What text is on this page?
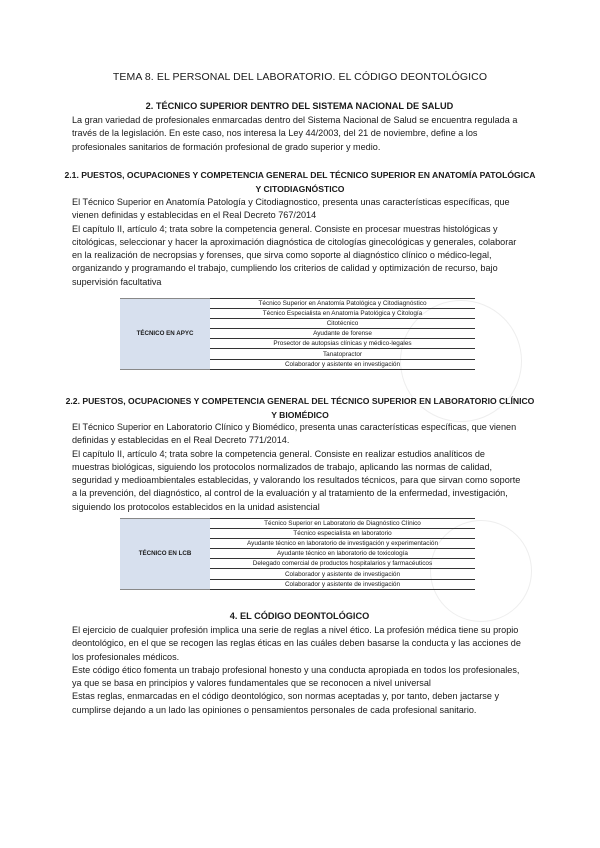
TEMA 8. EL PERSONAL DEL LABORATORIO. EL CÓDIGO DEONTOLÓGICO
2. TÉCNICO SUPERIOR DENTRO DEL SISTEMA NACIONAL DE SALUD

La gran variedad de profesionales enmarcadas dentro del Sistema Nacional de Salud se encuentra regulada a

través de la legislación. En este caso, nos interesa la Ley 44/2003, del 21 de noviembre, define a los

profesionales sanitarios de formación profesional de grado superior y medio.

2.1. PUESTOS, OCUPACIONES Y COMPETENCIA GENERAL DEL TÉCNICO SUPERIOR EN ANATOMÍA PATOLÓGICA
Y CITODIAGNÓSTICO

El Técnico Superior en Anatomía Patología y Citodiagnostico, presenta unas características específicas, que

vienen definidas y establecidas en el Real Decreto 767/2014

El capítulo II, artículo 4; trata sobre la competencia general. Consiste en procesar muestras histológicas y

citológicas, seleccionar y hacer la aproximación diagnóstica de citologías ginecológicas y generales, colaborar

en la realización de necropsias y forenses, que sirva como soporte al diagnóstico clínico o médico-legal,

organizando y programando el trabajo, cumpliendo los criterios de calidad y optimización de recurso, bajo

supervisión facultativa

TÉCNICO EN APYC	Técnico Superior en Anatomía Patológica y Citodiagnóstico
Técnico Especialista en Anatomía Patológica y Citología
Citotécnico
Ayudante de forense
Prosector de autopsias clínicas y médico-legales
Tanatopractor
Colaborador y asistente en investigación
2.2. PUESTOS, OCUPACIONES Y COMPETENCIA GENERAL DEL TÉCNICO SUPERIOR EN LABORATORIO CLÍNICO
Y BIOMÉDICO

El Técnico Superior en Laboratorio Clínico y Biomédico, presenta unas características específicas, que vienen

definidas y establecidas en el Real Decreto 771/2014.

El capítulo II, artículo 4; trata sobre la competencia general. Consiste en realizar estudios analíticos de

muestras biológicas, siguiendo los protocolos normalizados de trabajo, aplicando las normas de calidad,

seguridad y medioambientales establecidas, y valorando los resultados técnicos, para que sirvan como soporte

a la prevención, del diagnóstico, al control de la evaluación y al tratamiento de la enfermedad, investigación,

siguiendo los protocolos establecidos en la unidad asistencial

TÉCNICO EN LCB	Técnico Superior en Laboratorio de Diagnóstico Clínico
Técnico especialista en laboratorio
Ayudante técnico en laboratorio de investigación y experimentación
Ayudante técnico en laboratorio de toxicología
Delegado comercial de productos hospitalarios y farmacéuticos
Colaborador y asistente de investigación
Colaborador y asistente de investigación
4. EL CÓDIGO DEONTOLÓGICO

El ejercicio de cualquier profesión implica una serie de reglas a nivel ético. La profesión médica tiene su propio

deontológico, en el que se recogen las reglas éticas en las cuáles deben basarse la conducta y las acciones de

los profesionales médicos.

Este código ético fomenta un trabajo profesional honesto y una conducta apropiada en todos los profesionales,

ya que se basa en principios y valores fundamentales que se reconocen a nivel universal

Estas reglas, enmarcadas en el código deontológico, son normas aceptadas y, por tanto, deben jactarse y

cumplirse dejando a un lado las opiniones o pensamientos personales de cada profesional sanitario.
